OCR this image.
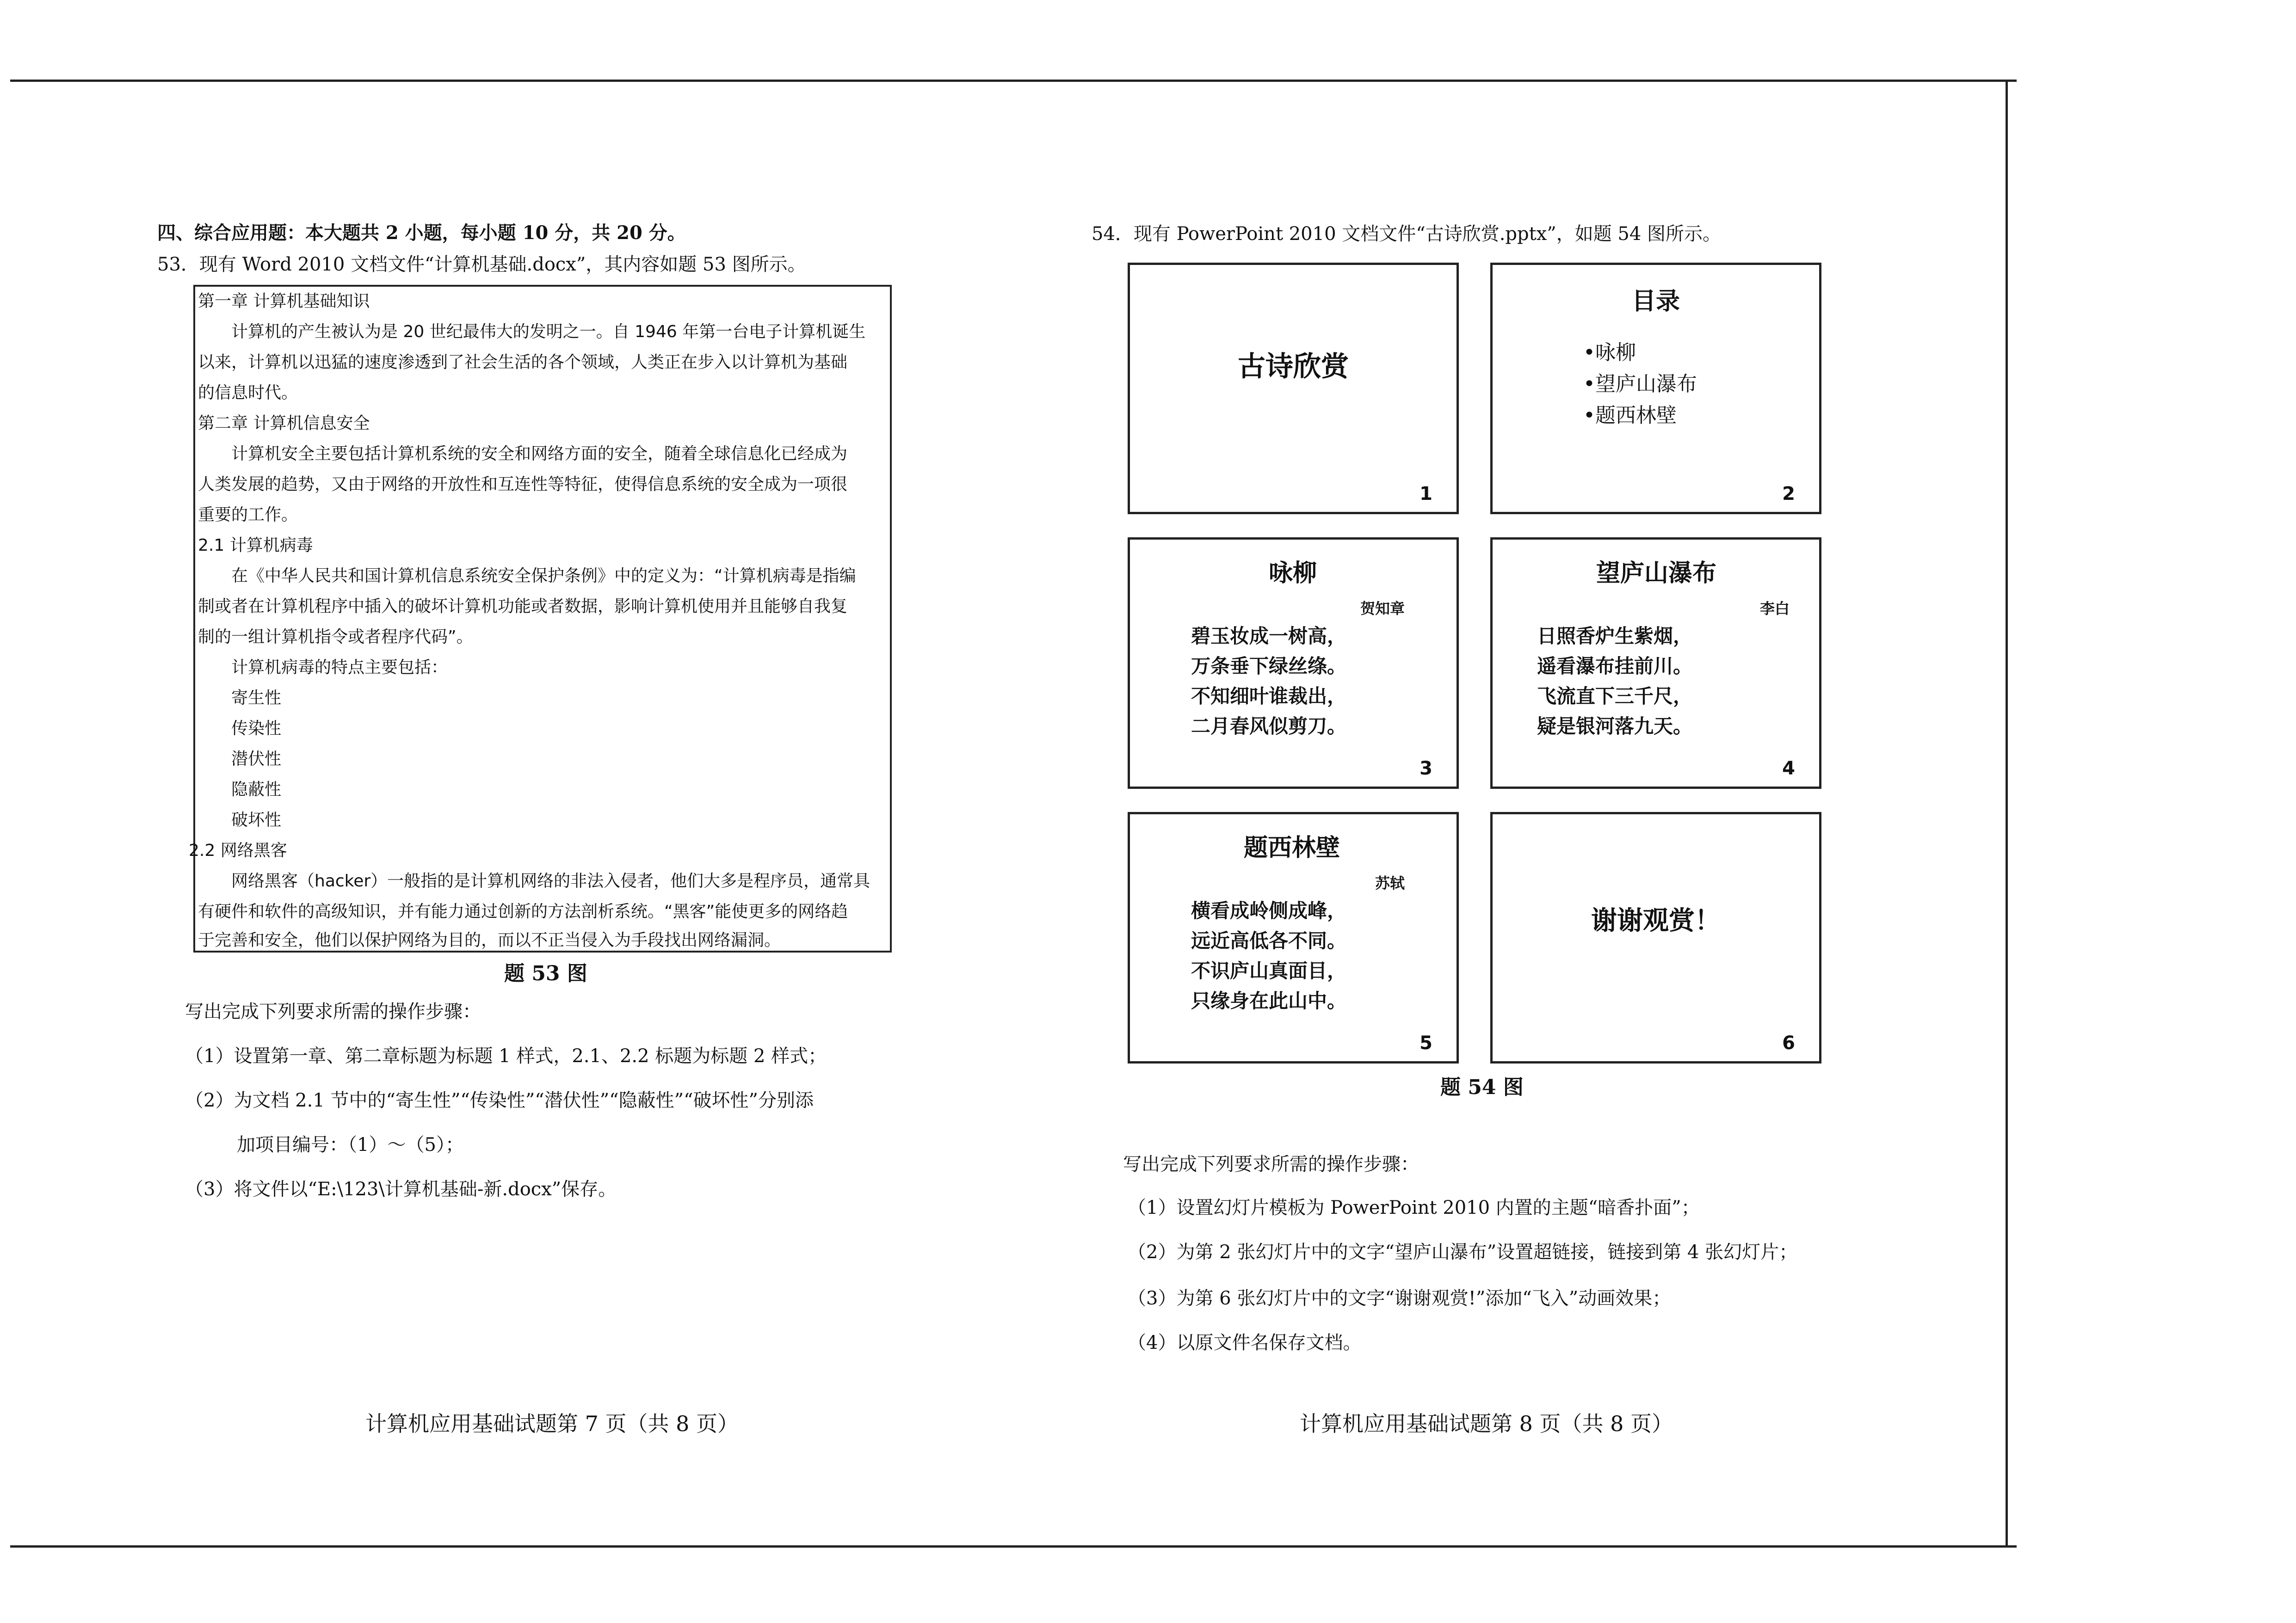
四、综合应用题：本大题共 2 小题，每小题 10 分，共 20 分。
53．现有 Word 2010 文档文件“计算机基础.docx”，其内容如题 53 图所示。
第一章 计算机基础知识
计算机的产生被认为是 20 世纪最伟大的发明之一。自 1946 年第一台电子计算机诞生
以来，计算机以迅猛的速度渗透到了社会生活的各个领域，人类正在步入以计算机为基础
的信息时代。
第二章 计算机信息安全
计算机安全主要包括计算机系统的安全和网络方面的安全，随着全球信息化已经成为
人类发展的趋势，又由于网络的开放性和互连性等特征，使得信息系统的安全成为一项很
重要的工作。
2.1 计算机病毒
在《中华人民共和国计算机信息系统安全保护条例》中的定义为：“计算机病毒是指编
制或者在计算机程序中插入的破坏计算机功能或者数据，影响计算机使用并且能够自我复
制的一组计算机指令或者程序代码”。
计算机病毒的特点主要包括：
寄生性
传染性
潜伏性
隐蔽性
破坏性
2.2 网络黑客
网络黑客（hacker）一般指的是计算机网络的非法入侵者，他们大多是程序员，通常具
有硬件和软件的高级知识，并有能力通过创新的方法剖析系统。“黑客”能使更多的网络趋
于完善和安全，他们以保护网络为目的，而以不正当侵入为手段找出网络漏洞。
题 53 图
写出完成下列要求所需的操作步骤：
（1）设置第一章、第二章标题为标题 1 样式，2.1、2.2 标题为标题 2 样式；
（2）为文档 2.1 节中的“寄生性”“传染性”“潜伏性”“隐蔽性”“破坏性”分别添
加项目编号：（1）～（5）；
（3）将文件以“E:\123\计算机基础-新.docx”保存。
计算机应用基础试题第 7 页（共 8 页）
54．现有 PowerPoint 2010 文档文件“古诗欣赏.pptx”，如题 54 图所示。
古诗欣赏
1
目录
•咏柳
•望庐山瀑布
•题西林壁
2
咏柳
贺知章
碧玉妆成一树高，
万条垂下绿丝绦。
不知细叶谁裁出，
二月春风似剪刀。
3
望庐山瀑布
李白
日照香炉生紫烟，
遥看瀑布挂前川。
飞流直下三千尺，
疑是银河落九天。
4
题西林壁
苏轼
横看成岭侧成峰，
远近高低各不同。
不识庐山真面目，
只缘身在此山中。
5
谢谢观赏！
6
题 54 图
写出完成下列要求所需的操作步骤：
（1）设置幻灯片模板为 PowerPoint 2010 内置的主题“暗香扑面”；
（2）为第 2 张幻灯片中的文字“望庐山瀑布”设置超链接，链接到第 4 张幻灯片；
（3）为第 6 张幻灯片中的文字“谢谢观赏!”添加“飞入”动画效果；
（4）以原文件名保存文档。
计算机应用基础试题第 8 页（共 8 页）
